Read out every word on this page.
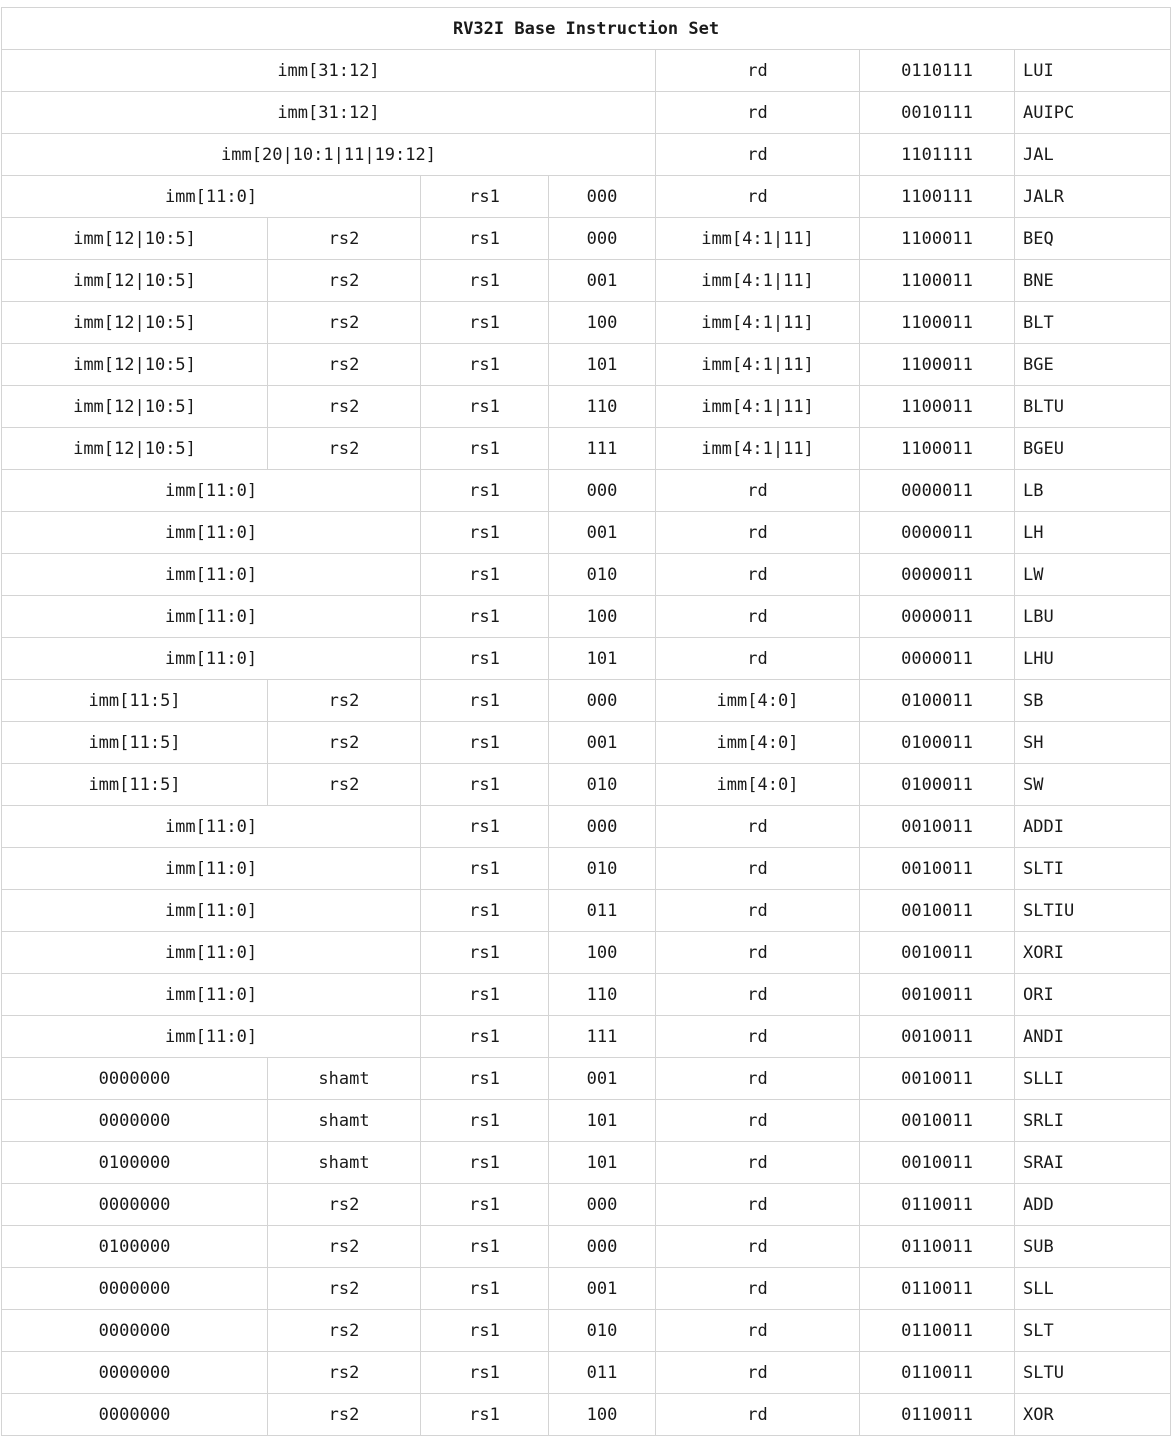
RV32I Base Instruction Set						
imm[31:12]				rd	0110111	LUI
imm[31:12]				rd	0010111	AUIPC
imm[20|10:1|11|19:12]				rd	1101111	JAL
imm[11:0]		rs1	000	rd	1100111	JALR
imm[12|10:5]	rs2	rs1	000	imm[4:1|11]	1100011	BEQ
imm[12|10:5]	rs2	rs1	001	imm[4:1|11]	1100011	BNE
imm[12|10:5]	rs2	rs1	100	imm[4:1|11]	1100011	BLT
imm[12|10:5]	rs2	rs1	101	imm[4:1|11]	1100011	BGE
imm[12|10:5]	rs2	rs1	110	imm[4:1|11]	1100011	BLTU
imm[12|10:5]	rs2	rs1	111	imm[4:1|11]	1100011	BGEU
imm[11:0]		rs1	000	rd	0000011	LB
imm[11:0]		rs1	001	rd	0000011	LH
imm[11:0]		rs1	010	rd	0000011	LW
imm[11:0]		rs1	100	rd	0000011	LBU
imm[11:0]		rs1	101	rd	0000011	LHU
imm[11:5]	rs2	rs1	000	imm[4:0]	0100011	SB
imm[11:5]	rs2	rs1	001	imm[4:0]	0100011	SH
imm[11:5]	rs2	rs1	010	imm[4:0]	0100011	SW
imm[11:0]		rs1	000	rd	0010011	ADDI
imm[11:0]		rs1	010	rd	0010011	SLTI
imm[11:0]		rs1	011	rd	0010011	SLTIU
imm[11:0]		rs1	100	rd	0010011	XORI
imm[11:0]		rs1	110	rd	0010011	ORI
imm[11:0]		rs1	111	rd	0010011	ANDI
0000000	shamt	rs1	001	rd	0010011	SLLI
0000000	shamt	rs1	101	rd	0010011	SRLI
0100000	shamt	rs1	101	rd	0010011	SRAI
0000000	rs2	rs1	000	rd	0110011	ADD
0100000	rs2	rs1	000	rd	0110011	SUB
0000000	rs2	rs1	001	rd	0110011	SLL
0000000	rs2	rs1	010	rd	0110011	SLT
0000000	rs2	rs1	011	rd	0110011	SLTU
0000000	rs2	rs1	100	rd	0110011	XOR
